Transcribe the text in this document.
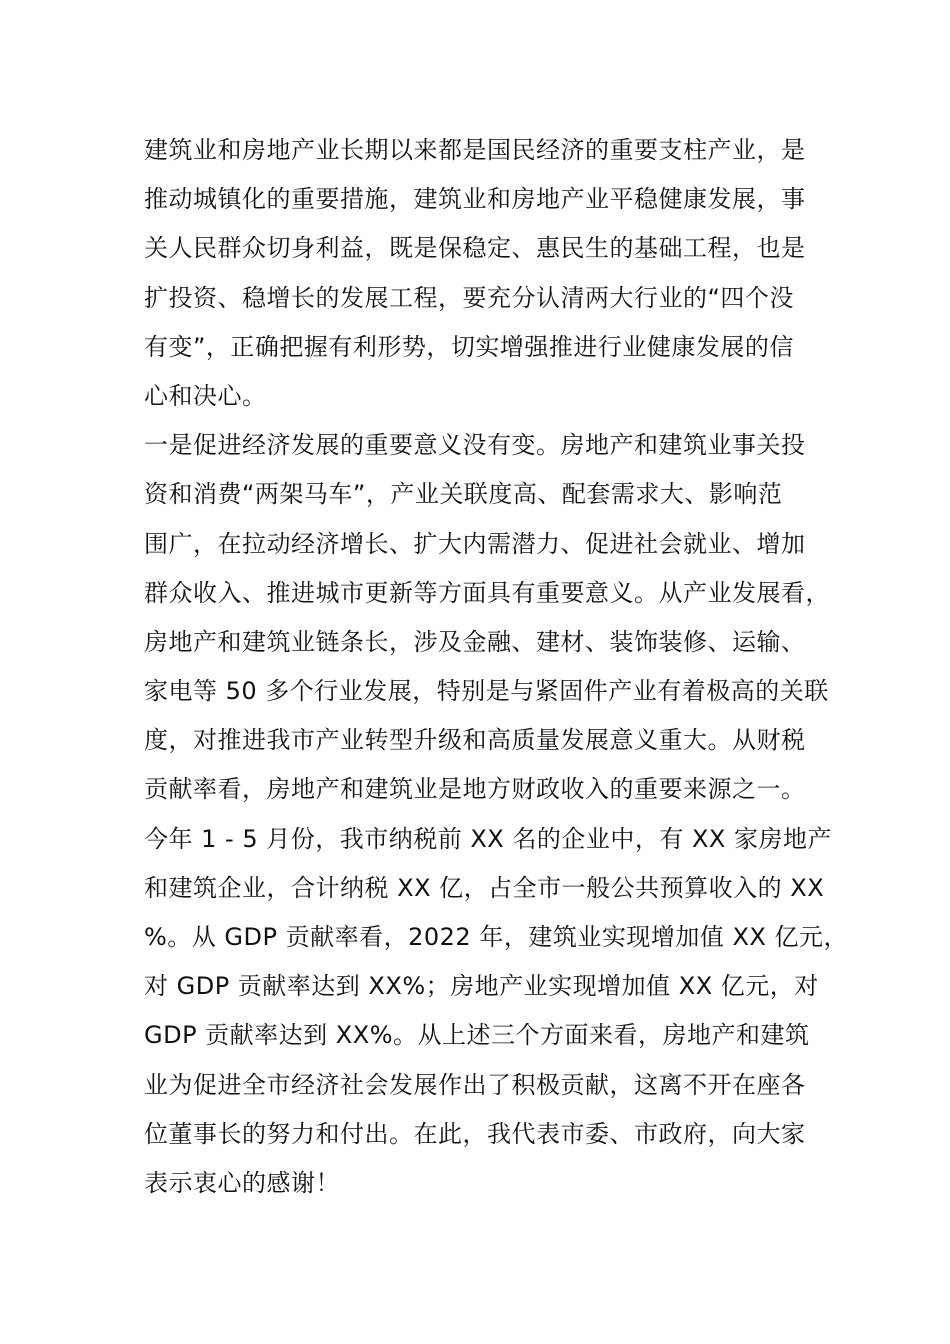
建筑业和房地产业长期以来都是国民经济的重要支柱产业，是
推动城镇化的重要措施，建筑业和房地产业平稳健康发展，事
关人民群众切身利益，既是保稳定、惠民生的基础工程，也是
扩投资、稳增长的发展工程，要充分认清两大行业的“四个没
有变”，正确把握有利形势，切实增强推进行业健康发展的信
心和决心。
一是促进经济发展的重要意义没有变。房地产和建筑业事关投
资和消费“两架马车”，产业关联度高、配套需求大、影响范
围广，在拉动经济增长、扩大内需潜力、促进社会就业、增加
群众收入、推进城市更新等方面具有重要意义。从产业发展看，
房地产和建筑业链条长，涉及金融、建材、装饰装修、运输、
家电等 50 多个行业发展，特别是与紧固件产业有着极高的关联
度，对推进我市产业转型升级和高质量发展意义重大。从财税
贡献率看，房地产和建筑业是地方财政收入的重要来源之一。
今年 1 - 5 月份，我市纳税前 XX 名的企业中，有 XX 家房地产
和建筑企业，合计纳税 XX 亿，占全市一般公共预算收入的 XX
%。从 GDP 贡献率看，2022 年，建筑业实现增加值 XX 亿元，
对 GDP 贡献率达到 XX%；房地产业实现增加值 XX 亿元，对
GDP 贡献率达到 XX%。从上述三个方面来看，房地产和建筑
业为促进全市经济社会发展作出了积极贡献，这离不开在座各
位董事长的努力和付出。在此，我代表市委、市政府，向大家
表示衷心的感谢！
